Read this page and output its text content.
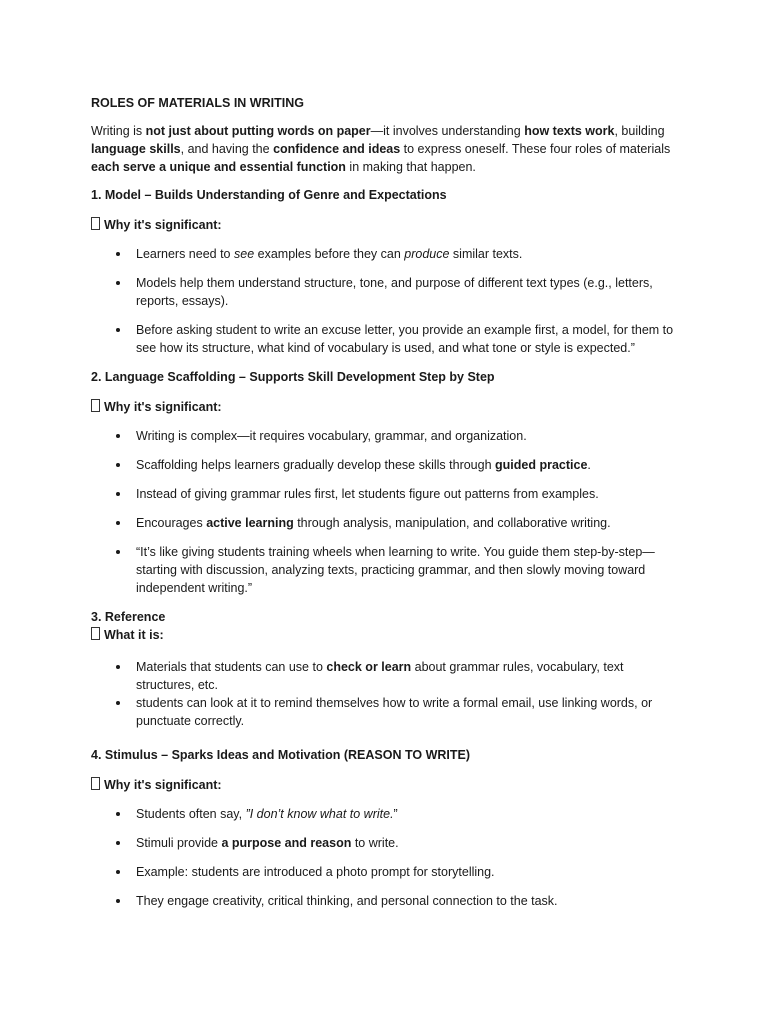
ROLES OF MATERIALS IN WRITING

Writing is not just about putting words on paper—it involves understanding how texts work, building language skills, and having the confidence and ideas to express oneself. These four roles of materials each serve a unique and essential function in making that happen.

1. Model – Builds Understanding of Genre and Expectations

Why it's significant:

Learners need to see examples before they can produce similar texts.
Models help them understand structure, tone, and purpose of different text types (e.g., letters, reports, essays).
Before asking student to write an excuse letter, you provide an example first, a model, for them to see how its structure, what kind of vocabulary is used, and what tone or style is expected.”

2. Language Scaffolding – Supports Skill Development Step by Step

Why it's significant:

Writing is complex—it requires vocabulary, grammar, and organization.
Scaffolding helps learners gradually develop these skills through guided practice.
Instead of giving grammar rules first, let students figure out patterns from examples.
Encourages active learning through analysis, manipulation, and collaborative writing.
“It’s like giving students training wheels when learning to write. You guide them step-by-step—starting with discussion, analyzing texts, practicing grammar, and then slowly moving toward independent writing.”

3. Reference

What it is:

Materials that students can use to check or learn about grammar rules, vocabulary, text structures, etc.
students can look at it to remind themselves how to write a formal email, use linking words, or punctuate correctly.

4. Stimulus – Sparks Ideas and Motivation (REASON TO WRITE)

Why it's significant:

Students often say, ”I don’t know what to write.”
Stimuli provide a purpose and reason to write.
Example: students are introduced a photo prompt for storytelling.
They engage creativity, critical thinking, and personal connection to the task.
